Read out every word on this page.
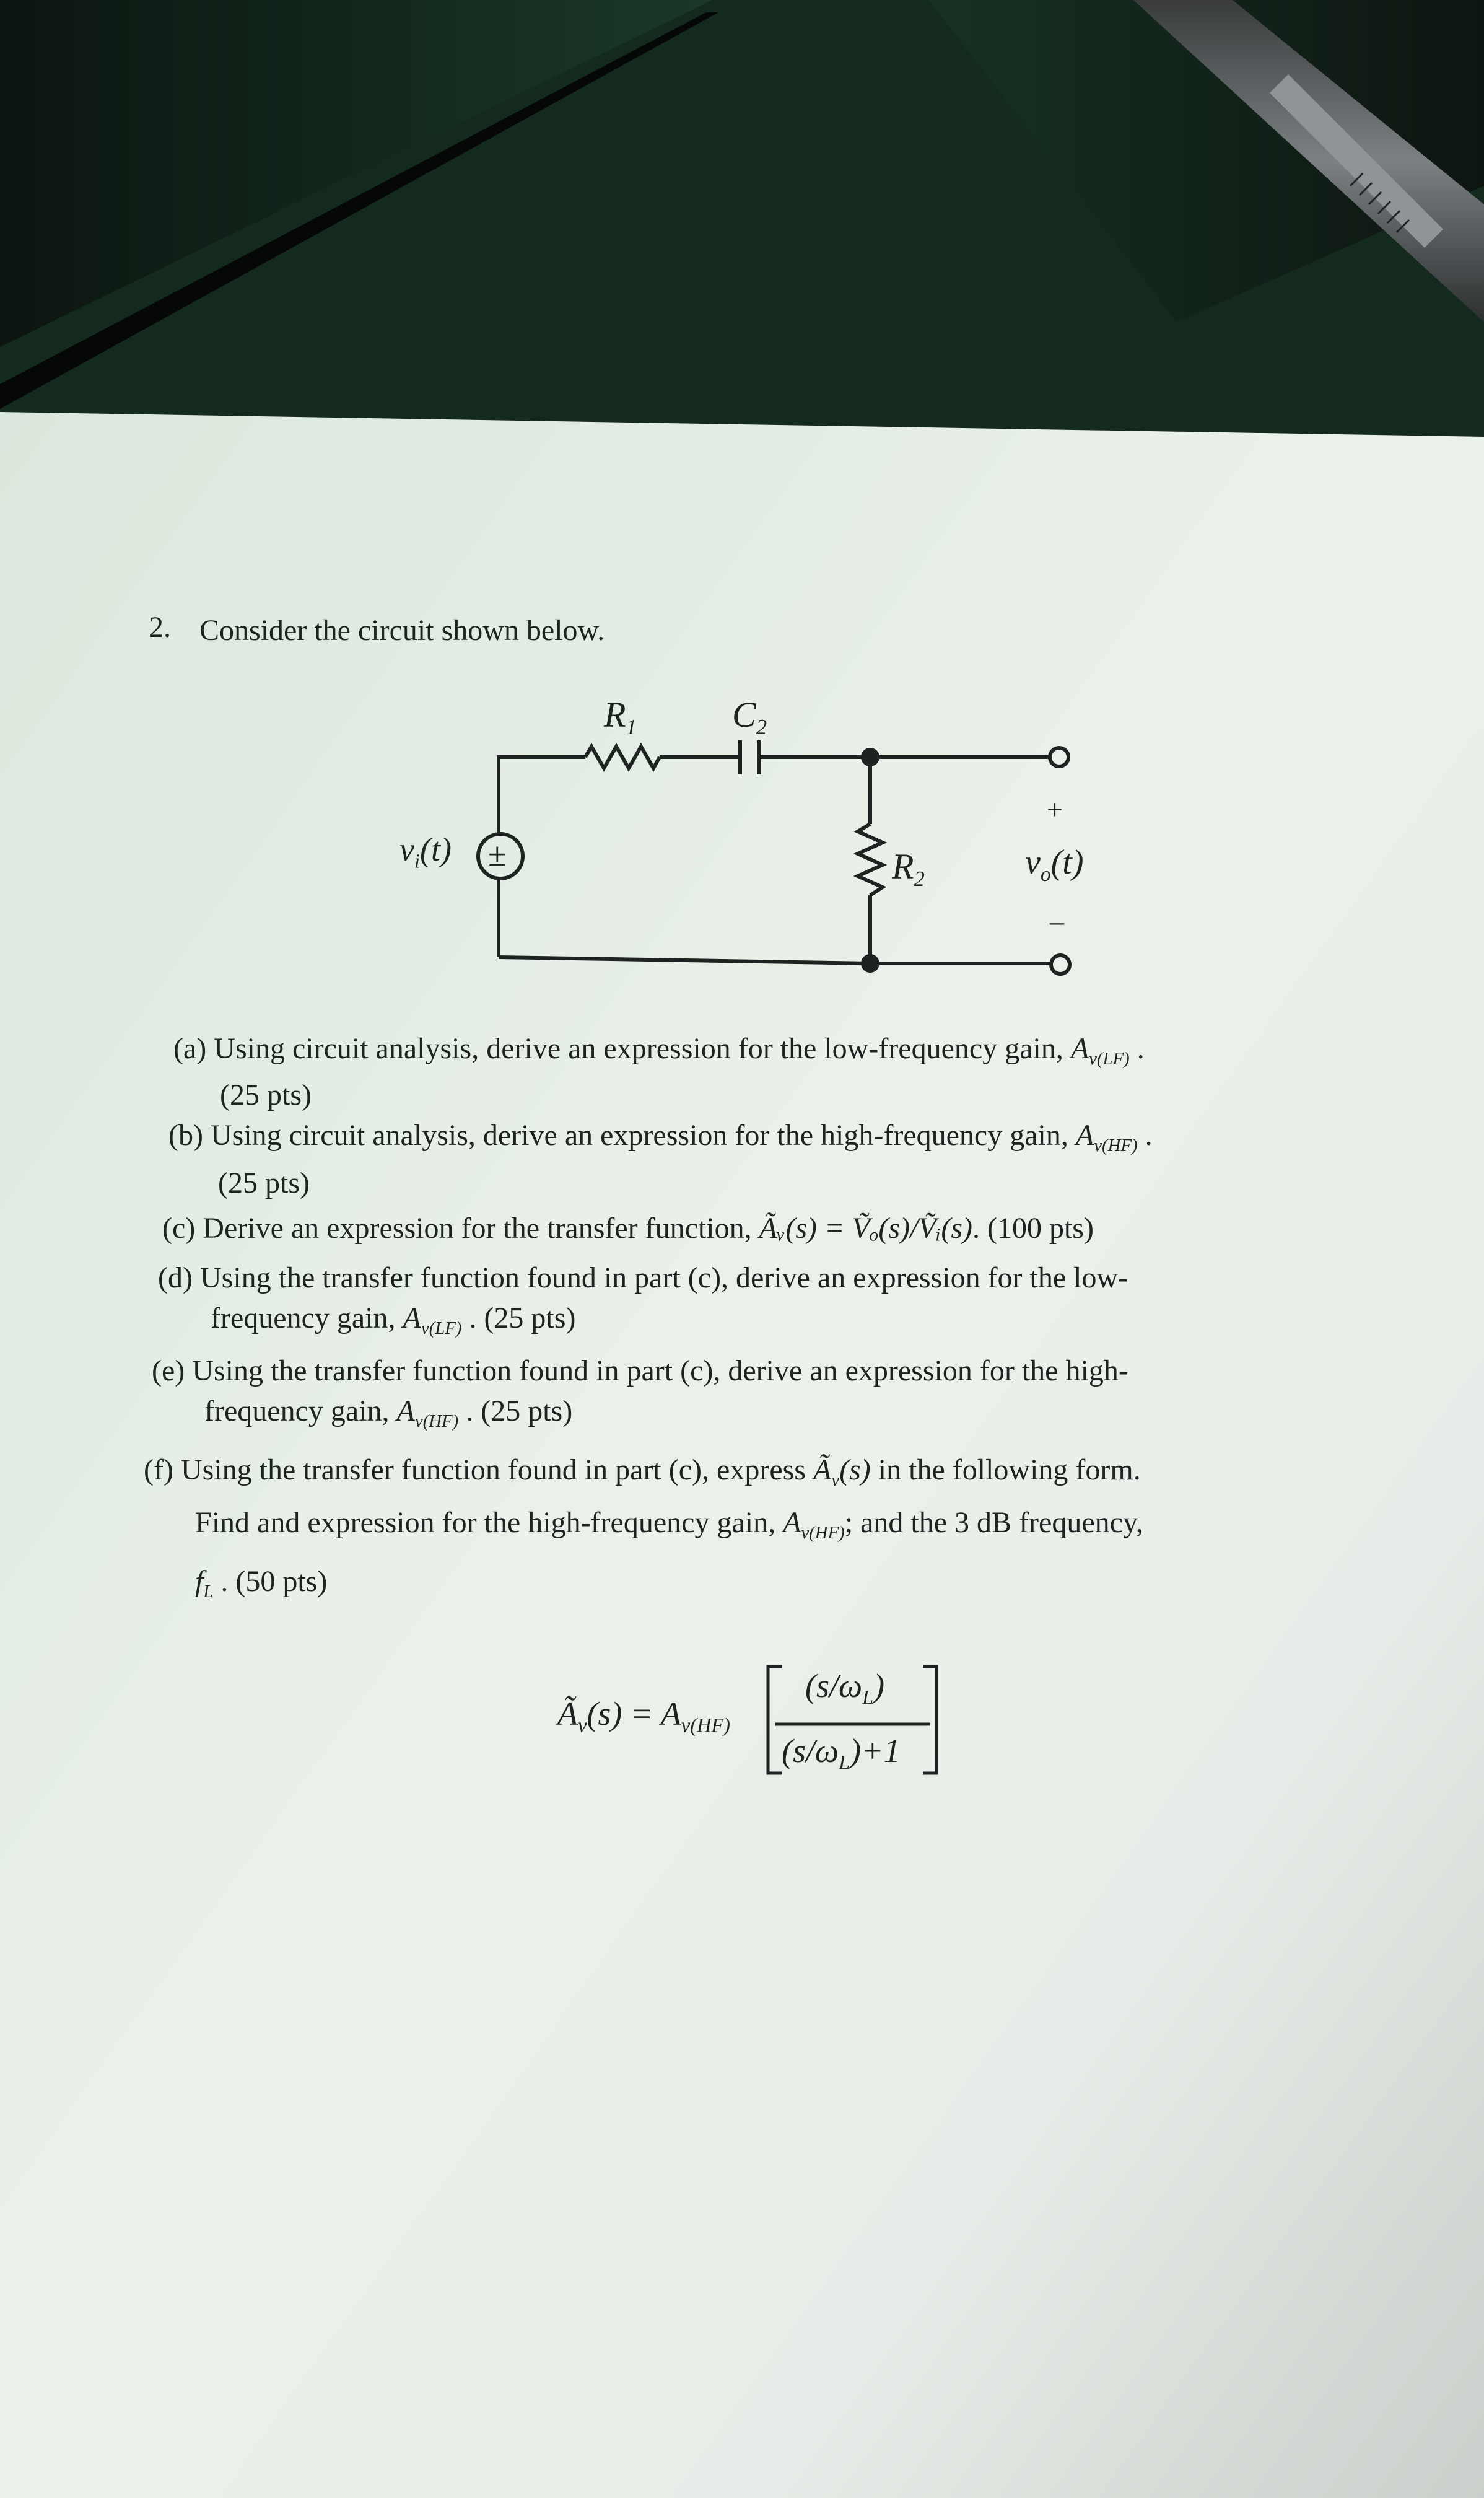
2. Consider the circuit shown below.
$R_1$	$C_2$
$R_2$
$v_i(t)$ ±	$v_o(t)$
+
–
(a) Using circuit analysis, derive an expression for the low-frequency gain, $A_{v(LF)}$ .
(25 pts)
(b) Using circuit analysis, derive an expression for the high-frequency gain, $A_{v(HF)}$ .
(25 pts)
(c) Derive an expression for the transfer function, Ãᵥ(s) = Ṽₒ(s)/Ṽᵢ(s). (100 pts)
(d) Using the transfer function found in part (c), derive an expression for the low-
frequency gain, $A_{v(LF)}$ . (25 pts)
(e) Using the transfer function found in part (c), derive an expression for the high-
frequency gain, $A_{v(HF)}$ . (25 pts)
(f) Using the transfer function found in part (c), express $Ã_v(s)$ in the following form.
Find and expression for the high-frequency gain, $A_{v(HF)}$; and the 3 dB frequency,
$f_L$ . (50 pts)
$Ã_v(s) = A_{v(HF)}$
$(s/\omega_L)$
$(s/\omega_L)+1$
